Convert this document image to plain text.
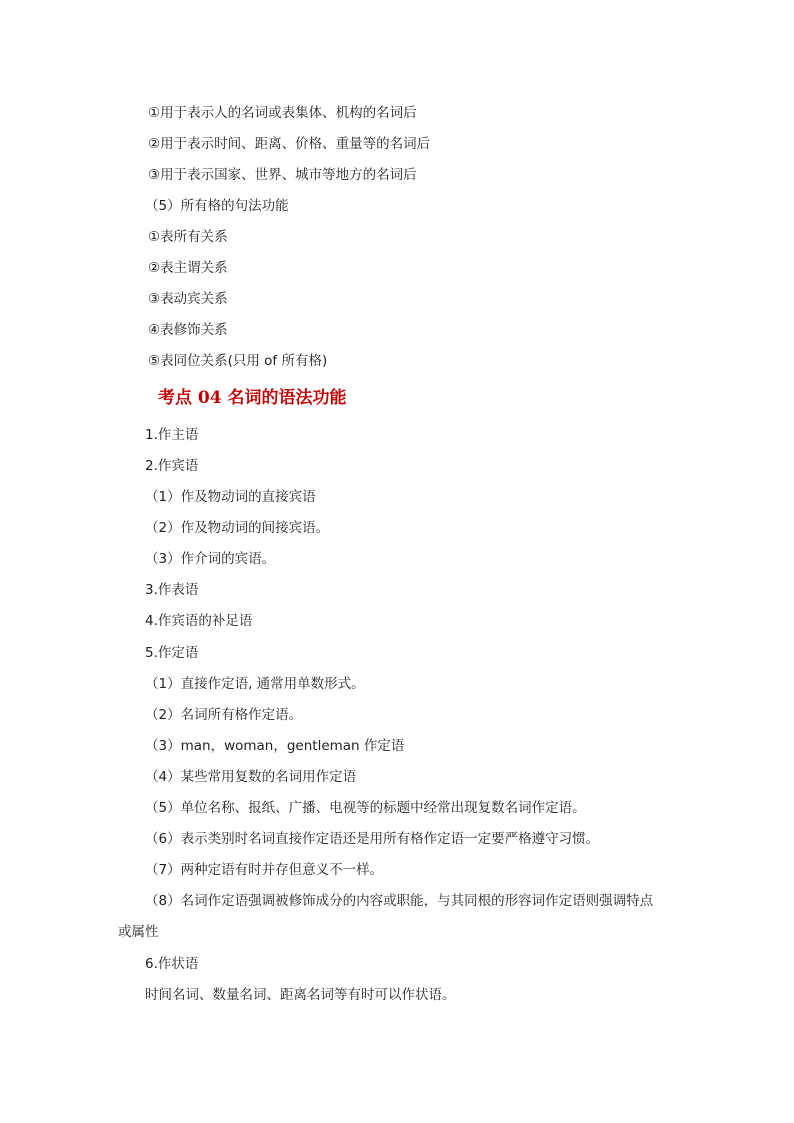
①用于表示人的名词或表集体、机构的名词后
②用于表示时间、距离、价格、重量等的名词后
③用于表示国家、世界、城市等地方的名词后
（5）所有格的句法功能
①表所有关系
②表主谓关系
③表动宾关系
④表修饰关系
⑤表同位关系(只用 of 所有格)
考点 04 名词的语法功能
1.作主语
2.作宾语
（1）作及物动词的直接宾语
（2）作及物动词的间接宾语。
（3）作介词的宾语。
3.作表语
4.作宾语的补足语
5.作定语
（1）直接作定语, 通常用单数形式。
（2）名词所有格作定语。
（3）man，woman，gentleman 作定语
（4）某些常用复数的名词用作定语
（5）单位名称、报纸、广播、电视等的标题中经常出现复数名词作定语。
（6）表示类别时名词直接作定语还是用所有格作定语一定要严格遵守习惯。
（7）两种定语有时并存但意义不一样。
（8）名词作定语强调被修饰成分的内容或职能，与其同根的形容词作定语则强调特点
或属性
6.作状语
时间名词、数量名词、距离名词等有时可以作状语。
